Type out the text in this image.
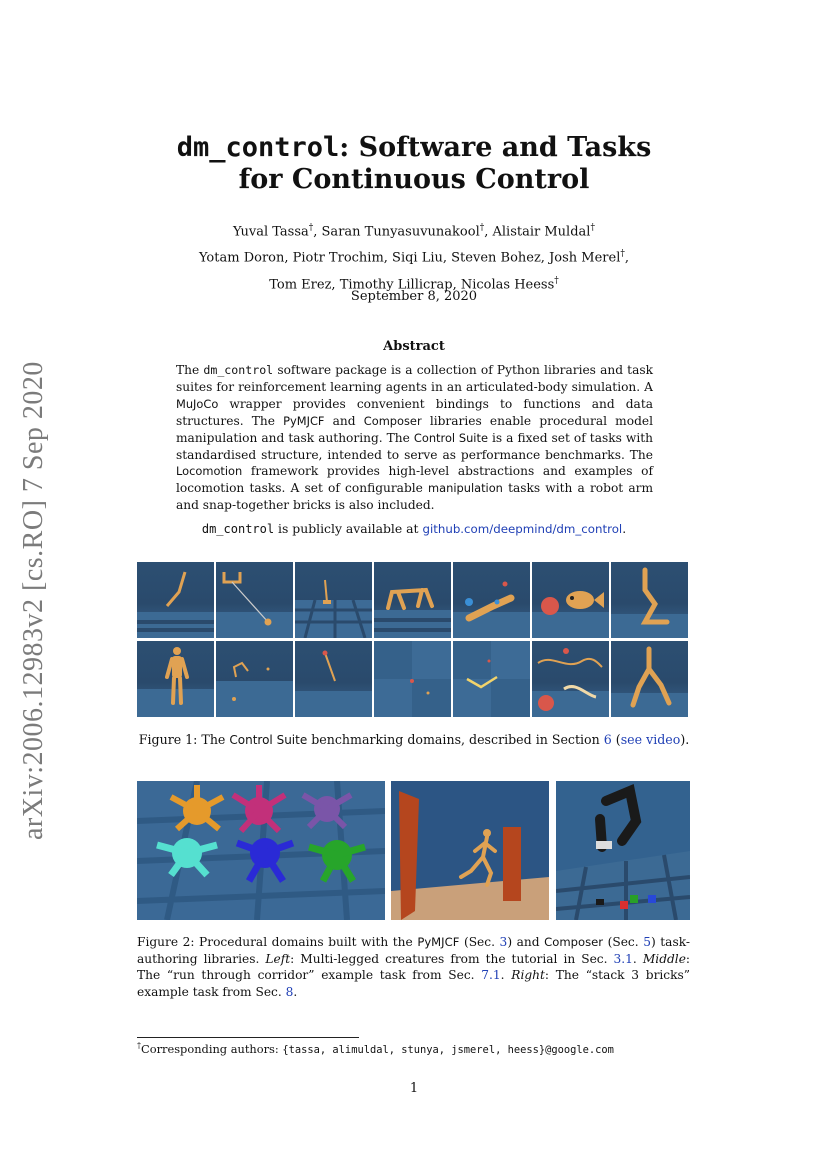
arXiv:2006.12983v2 [cs.RO] 7 Sep 2020
dm_control: Software and Tasks
for Continuous Control
Yuval Tassa†, Saran Tunyasuvunakool†, Alistair Muldal†
Yotam Doron, Piotr Trochim, Siqi Liu, Steven Bohez, Josh Merel†,
Tom Erez, Timothy Lillicrap, Nicolas Heess†
September 8, 2020
Abstract
The dm_control software package is a collection of Python libraries and task suites for reinforcement learning agents in an articulated-body simulation. A MuJoCo wrapper provides convenient bindings to functions and data structures. The PyMJCF and Composer libraries enable procedural model manipulation and task authoring. The Control Suite is a fixed set of tasks with standardised structure, intended to serve as performance benchmarks. The Locomotion framework provides high-level abstractions and examples of locomotion tasks. A set of configurable manipulation tasks with a robot arm and snap-together bricks is also included.
dm_control is publicly available at github.com/deepmind/dm_control.
Figure 1: The Control Suite benchmarking domains, described in Section 6 (see video).
Figure 2: Procedural domains built with the PyMJCF (Sec. 3) and Composer (Sec. 5) task-authoring libraries. Left: Multi-legged creatures from the tutorial in Sec. 3.1. Middle: The “run through corridor” example task from Sec. 7.1. Right: The “stack 3 bricks” example task from Sec. 8.
†Corresponding authors: {tassa, alimuldal, stunya, jsmerel, heess}@google.com
1
